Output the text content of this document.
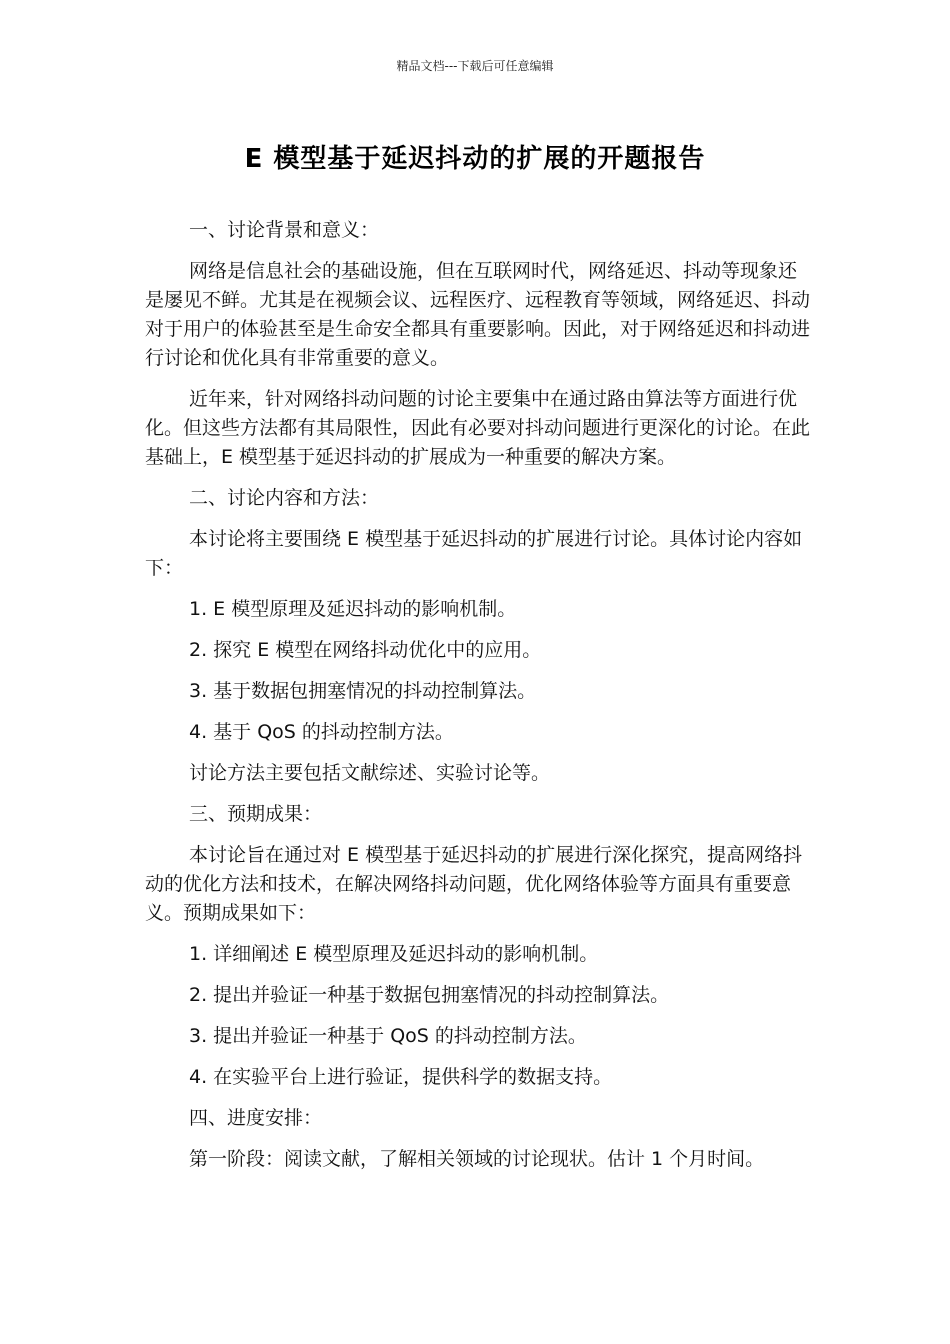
精品文档---下载后可任意编辑
E 模型基于延迟抖动的扩展的开题报告
一、讨论背景和意义：
网络是信息社会的基础设施，但在互联网时代，网络延迟、抖动等现象还是屡见不鲜。尤其是在视频会议、远程医疗、远程教育等领域，网络延迟、抖动对于用户的体验甚至是生命安全都具有重要影响。因此，对于网络延迟和抖动进行讨论和优化具有非常重要的意义。
近年来，针对网络抖动问题的讨论主要集中在通过路由算法等方面进行优化。但这些方法都有其局限性，因此有必要对抖动问题进行更深化的讨论。在此基础上，E 模型基于延迟抖动的扩展成为一种重要的解决方案。
二、讨论内容和方法：
本讨论将主要围绕 E 模型基于延迟抖动的扩展进行讨论。具体讨论内容如下：
1. E 模型原理及延迟抖动的影响机制。
2. 探究 E 模型在网络抖动优化中的应用。
3. 基于数据包拥塞情况的抖动控制算法。
4. 基于 QoS 的抖动控制方法。
讨论方法主要包括文献综述、实验讨论等。
三、预期成果：
本讨论旨在通过对 E 模型基于延迟抖动的扩展进行深化探究，提高网络抖动的优化方法和技术，在解决网络抖动问题，优化网络体验等方面具有重要意义。预期成果如下：
1. 详细阐述 E 模型原理及延迟抖动的影响机制。
2. 提出并验证一种基于数据包拥塞情况的抖动控制算法。
3. 提出并验证一种基于 QoS 的抖动控制方法。
4. 在实验平台上进行验证，提供科学的数据支持。
四、进度安排：
第一阶段：阅读文献，了解相关领域的讨论现状。估计 1 个月时间。
